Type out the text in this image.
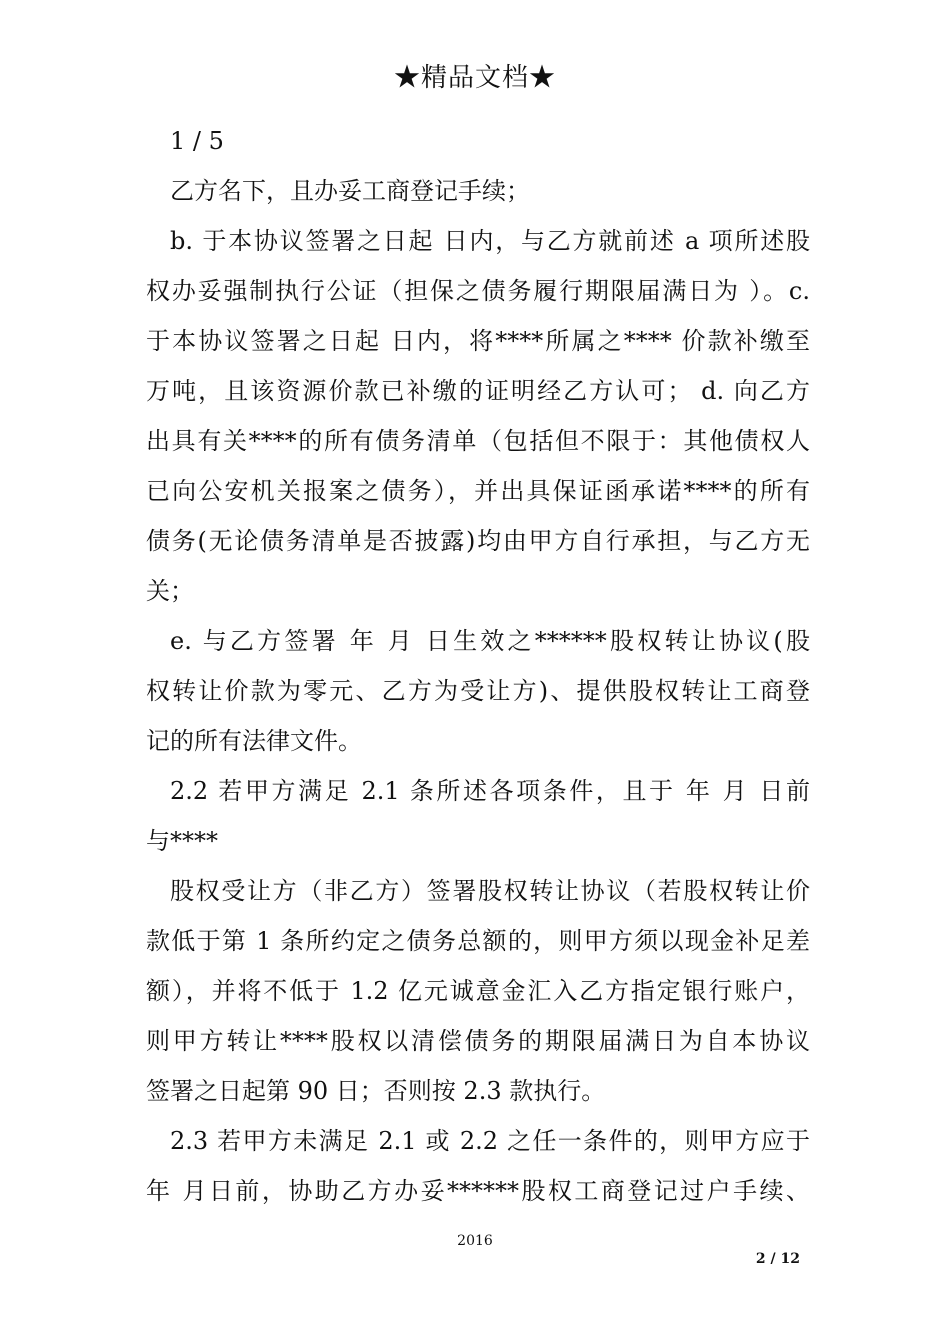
★精品文档★
1 / 5
乙方名下，且办妥工商登记手续；
b. 于本协议签署之日起 日内，与乙方就前述 a 项所述股
权办妥强制执行公证（担保之债务履行期限届满日为 ）。c.
于本协议签署之日起 日内，将****所属之**** 价款补缴至
万吨，且该资源价款已补缴的证明经乙方认可； d. 向乙方
出具有关****的所有债务清单（包括但不限于：其他债权人
已向公安机关报案之债务），并出具保证函承诺****的所有
债务(无论债务清单是否披露)均由甲方自行承担，与乙方无
关；
e. 与乙方签署 年 月 日生效之******股权转让协议(股
权转让价款为零元、乙方为受让方)、提供股权转让工商登
记的所有法律文件。
2.2 若甲方满足 2.1 条所述各项条件，且于 年 月 日前
与****
股权受让方（非乙方）签署股权转让协议（若股权转让价
款低于第 1 条所约定之债务总额的，则甲方须以现金补足差
额），并将不低于 1.2 亿元诚意金汇入乙方指定银行账户，
则甲方转让****股权以清偿债务的期限届满日为自本协议
签署之日起第 90 日；否则按 2.3 款执行。
2.3 若甲方未满足 2.1 或 2.2 之任一条件的，则甲方应于
年 月日前，协助乙方办妥******股权工商登记过户手续、
2016
2 / 12
